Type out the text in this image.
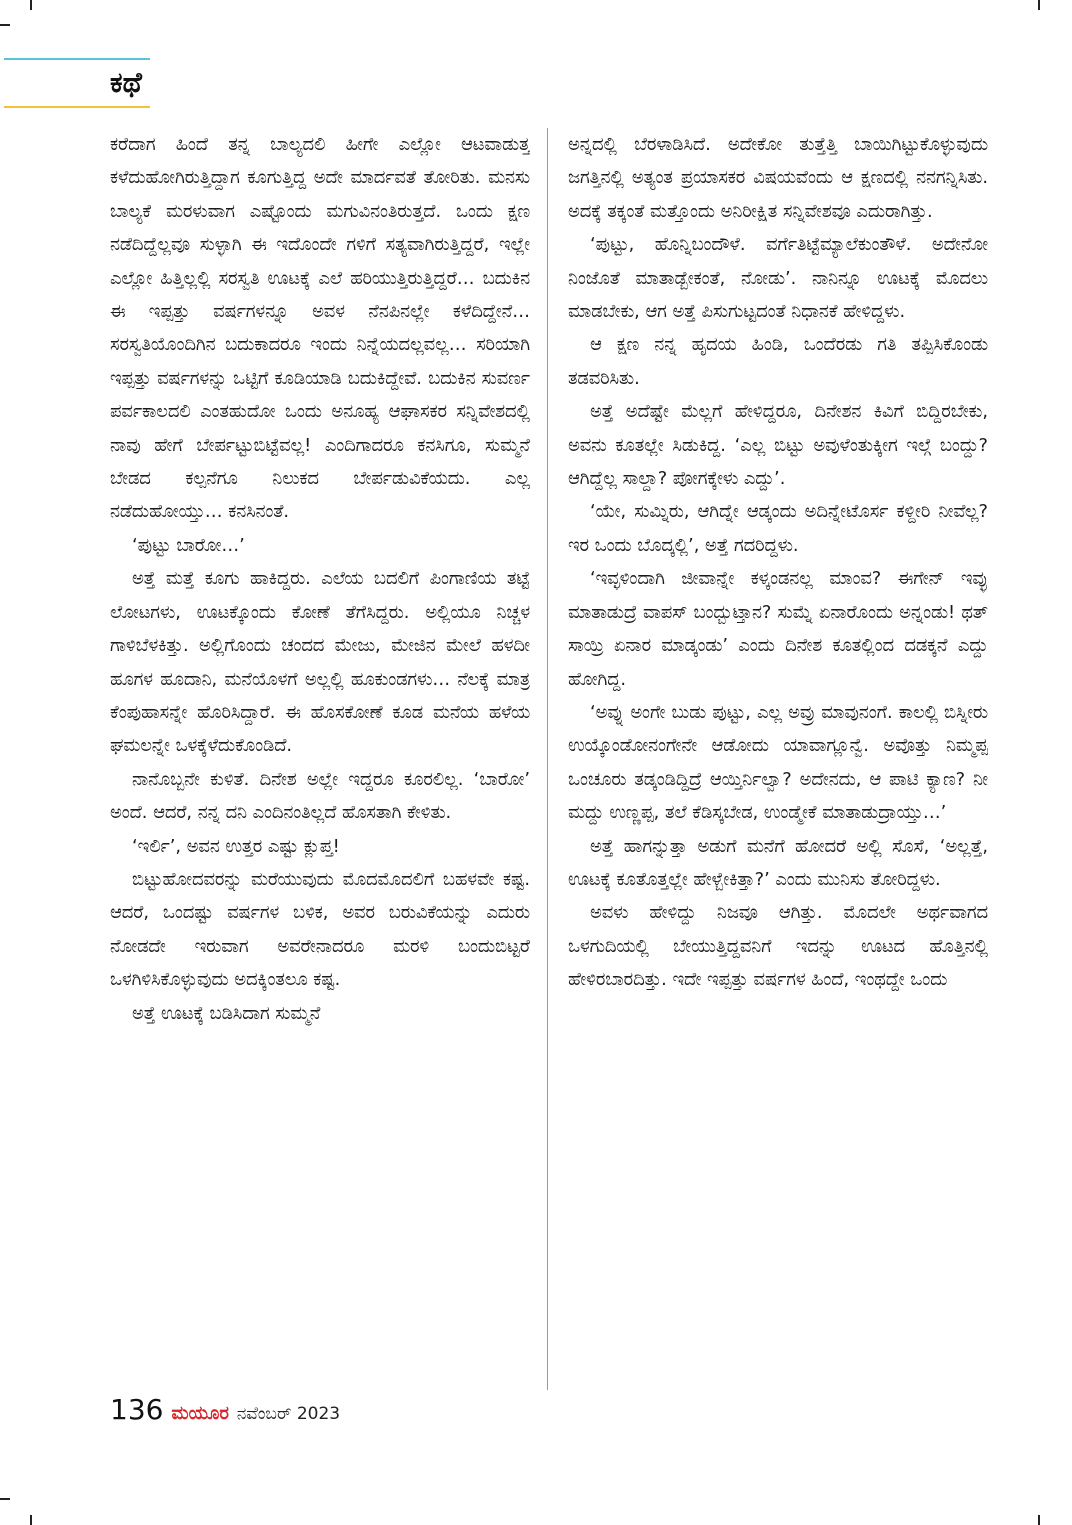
ಕಥೆ

ಕರೆದಾಗ ಹಿಂದೆ ತನ್ನ ಬಾಲ್ಯದಲಿ ಹೀಗೇ ಎಲ್ಲೋ ಆಟವಾಡುತ್ತ ಕಳೆದುಹೋಗಿರುತ್ತಿದ್ದಾಗ ಕೂಗುತ್ತಿದ್ದ ಅದೇ ಮಾರ್ದವತೆ ತೋರಿತು. ಮನಸು ಬಾಲ್ಯಕೆ ಮರಳುವಾಗ ಎಷ್ಟೊಂದು ಮಗುವಿನಂತಿರುತ್ತದೆ. ಒಂದು ಕ್ಷಣ ನಡೆದಿದ್ದೆಲ್ಲವೂ ಸುಳ್ಳಾಗಿ ಈ ಇದೊಂದೇ ಗಳಿಗೆ ಸತ್ಯವಾಗಿರುತ್ತಿದ್ದರೆ, ಇಲ್ಲೇ ಎಲ್ಲೋ ಹಿತ್ತಿಲ್ಲಲ್ಲಿ ಸರಸ್ವತಿ ಊಟಕ್ಕೆ ಎಲೆ ಹರಿಯುತ್ತಿರುತ್ತಿದ್ದರೆ… ಬದುಕಿನ ಈ ಇಪ್ಪತ್ತು ವರ್ಷಗಳನ್ನೂ ಅವಳ ನೆನಪಿನಲ್ಲೇ ಕಳೆದಿದ್ದೇನೆ… ಸರಸ್ವತಿಯೊಂದಿಗಿನ ಬದುಕಾದರೂ ಇಂದು ನಿನ್ನೆಯದಲ್ಲವಲ್ಲ… ಸರಿಯಾಗಿ ಇಪ್ಪತ್ತು ವರ್ಷಗಳನ್ನು ಒಟ್ಟಿಗೆ ಕೂಡಿಯಾಡಿ ಬದುಕಿದ್ದೇವೆ. ಬದುಕಿನ ಸುವರ್ಣ ಪರ್ವಕಾಲದಲಿ ಎಂತಹುದೋ ಒಂದು ಅನೂಹ್ಯ ಆಘಾಸಕರ ಸನ್ನಿವೇಶದಲ್ಲಿ ನಾವು ಹೇಗೆ ಬೇರ್ಪಟ್ಟುಬಿಟ್ಟೆವಲ್ಲ! ಎಂದಿಗಾದರೂ ಕನಸಿಗೂ, ಸುಮ್ಮನೆ ಬೇಡದ ಕಲ್ಪನೆಗೂ ನಿಲುಕದ ಬೇರ್ಪಡುವಿಕೆಯದು. ಎಲ್ಲ ನಡೆದುಹೋಯ್ತು… ಕನಸಿನಂತೆ.

‘ಪುಟ್ಟು ಬಾರೋ…’

ಅತ್ತೆ ಮತ್ತೆ ಕೂಗು ಹಾಕಿದ್ದರು. ಎಲೆಯ ಬದಲಿಗೆ ಪಿಂಗಾಣಿಯ ತಟ್ಟೆ ಲೋಟಗಳು, ಊಟಕ್ಕೊಂದು ಕೋಣೆ ತೆಗೆಸಿದ್ದರು. ಅಲ್ಲಿಯೂ ನಿಚ್ಚಳ ಗಾಳಿಬೆಳಕಿತ್ತು. ಅಲ್ಲಿಗೊಂದು ಚಂದದ ಮೇಜು, ಮೇಜಿನ ಮೇಲೆ ಹಳದೀ ಹೂಗಳ ಹೂದಾನಿ, ಮನೆಯೊಳಗೆ ಅಲ್ಲಲ್ಲಿ ಹೂಕುಂಡಗಳು… ನೆಲಕ್ಕೆ ಮಾತ್ರ ಕೆಂಪುಹಾಸನ್ನೇ ಹೊರಿಸಿದ್ದಾರೆ. ಈ ಹೊಸಕೋಣೆ ಕೂಡ ಮನೆಯ ಹಳೆಯ ಘಮಲನ್ನೇ ಒಳಕ್ಕೆಳೆದುಕೊಂಡಿದೆ.

ನಾನೊಬ್ಬನೇ ಕುಳಿತೆ. ದಿನೇಶ ಅಲ್ಲೇ ಇದ್ದರೂ ಕೂರಲಿಲ್ಲ. ‘ಬಾರೋ’ ಅಂದೆ. ಆದರೆ, ನನ್ನ ದನಿ ಎಂದಿನಂತಿಲ್ಲದೆ ಹೊಸತಾಗಿ ಕೇಳಿತು.

‘ಇರ್ಲಿ’, ಅವನ ಉತ್ತರ ಎಷ್ಟು ಕ್ಲುಪ್ತ!

ಬಿಟ್ಟುಹೋದವರನ್ನು ಮರೆಯುವುದು ಮೊದಮೊದಲಿಗೆ ಬಹಳವೇ ಕಷ್ಟ. ಆದರೆ, ಒಂದಷ್ಟು ವರ್ಷಗಳ ಬಳಿಕ, ಅವರ ಬರುವಿಕೆಯನ್ನು ಎದುರು ನೋಡದೇ ಇರುವಾಗ ಅವರೇನಾದರೂ ಮರಳಿ ಬಂದುಬಿಟ್ಟರೆ ಒಳಗಿಳಿಸಿಕೊಳ್ಳುವುದು ಅದಕ್ಕಿಂತಲೂ ಕಷ್ಟ.

ಅತ್ತೆ ಊಟಕ್ಕೆ ಬಡಿಸಿದಾಗ ಸುಮ್ಮನೆ

ಅನ್ನದಲ್ಲಿ ಬೆರಳಾಡಿಸಿದೆ. ಅದೇಕೋ ತುತ್ತೆತ್ತಿ ಬಾಯಿಗಿಟ್ಟುಕೊಳ್ಳುವುದು ಜಗತ್ತಿನಲ್ಲಿ ಅತ್ಯಂತ ಪ್ರಯಾಸಕರ ವಿಷಯವೆಂದು ಆ ಕ್ಷಣದಲ್ಲಿ ನನಗನ್ನಿಸಿತು. ಅದಕ್ಕೆ ತಕ್ಕಂತೆ ಮತ್ತೊಂದು ಅನಿರೀಕ್ಷಿತ ಸನ್ನಿವೇಶವೂ ಎದುರಾಗಿತ್ತು.

‘ಪುಟ್ಟು, ಹೊನ್ನಿಬಂದೌಳೆ. ವರ್ಗೆತಿಟ್ಟೆಮ್ಯಾಲೆಕುಂತೌಳೆ. ಅದೇನೋ ನಿಂಜೊತೆ ಮಾತಾಡ್ಬೇಕಂತೆ, ನೋಡು’. ನಾನಿನ್ನೂ ಊಟಕ್ಕೆ ಮೊದಲು ಮಾಡಬೇಕು, ಆಗ ಅತ್ತೆ ಪಿಸುಗುಟ್ಟದಂತೆ ನಿಧಾನಕೆ ಹೇಳಿದ್ದಳು.

ಆ ಕ್ಷಣ ನನ್ನ ಹೃದಯ ಹಿಂಡಿ, ಒಂದೆರಡು ಗತಿ ತಪ್ಪಿಸಿಕೊಂಡು ತಡವರಿಸಿತು.

ಅತ್ತೆ ಅದೆಷ್ಟೇ ಮೆಲ್ಲಗೆ ಹೇಳಿದ್ದರೂ, ದಿನೇಶನ ಕಿವಿಗೆ ಬಿದ್ದಿರಬೇಕು, ಅವನು ಕೂತಲ್ಲೇ ಸಿಡುಕಿದ್ದ. ‘ಎಲ್ಲ ಬಿಟ್ಟು ಅವುಳೆಂತುಕ್ಕೀಗ ಇಲ್ಗೆ ಬಂದ್ದು? ಆಗಿದ್ದೆಲ್ಲ ಸಾಲ್ದಾ? ಪೋಗಕ್ಕೇಳು ಎದ್ದು’.

‘ಯೇ, ಸುಮ್ನಿರು, ಆಗಿದ್ನೇ ಆಡ್ಕಂದು ಅದಿನ್ನೇಟೊರ್ಸ ಕಳ್ದೀರಿ ನೀವೆಲ್ಲ? ಇರ ಒಂದು ಬೊದ್ಕಲ್ಲಿ’, ಅತ್ತೆ ಗದರಿದ್ದಳು.

‘ಇವ್ಳಳಿಂದಾಗಿ ಜೀವಾನ್ನೇ ಕಳ್ಕಂಡನಲ್ಲ ಮಾಂವ? ಈಗೇನ್ ಇವ್ಳು ಮಾತಾಡುದ್ರೆ ವಾಪಸ್ ಬಂದ್ಬುಟ್ತಾನ? ಸುಮ್ನೆ ಏನಾರೊಂದು ಅನ್ನಂಡು! ಥತ್ ಸಾಯ್ರಿ ಏನಾರ ಮಾಡ್ಕಂಡು’ ಎಂದು ದಿನೇಶ ಕೂತಲ್ಲಿಂದ ದಡಕ್ಕನೆ ಎದ್ದು ಹೋಗಿದ್ದ.

‘ಅವ್ನು ಅಂಗೇ ಬುಡು ಪುಟ್ಟು, ಎಲ್ಲ ಅವ್ರು ಮಾವುನಂಗೆ. ಕಾಲಲ್ಲಿ ಬಿಸ್ನೀರು ಉಯ್ಕೊಂಡೋನಂಗೇನೇ ಆಡೋದು ಯಾವಾಗ್ಲೂನ್ವೆ. ಅವೊತ್ತು ನಿಮ್ಮಪ್ಪ ಒಂಚೂರು ತಡ್ಕಂಡಿದ್ದಿದ್ರೆ ಆಯ್ತಿರ್ನಿಲ್ವಾ? ಅದೇನದು, ಆ ಪಾಟಿ ಕ್ಯಾಣ? ನೀ ಮದ್ದು ಉಣ್ಣಪ್ಪ, ತಲೆ ಕೆಡಿಸ್ಕಬೇಡ, ಉಂಡ್ಮೇಕೆ ಮಾತಾಡುದ್ರಾಯ್ತು…’

ಅತ್ತೆ ಹಾಗನ್ನುತ್ತಾ ಅಡುಗೆ ಮನೆಗೆ ಹೋದರೆ ಅಲ್ಲಿ ಸೊಸೆ, ‘ಅಲ್ಲತ್ತೆ, ಊಟಕ್ಕೆ ಕೂತೊತ್ತಲ್ಲೇ ಹೇಳ್ಬೇಕಿತ್ತಾ?’ ಎಂದು ಮುನಿಸು ತೋರಿದ್ದಳು.

ಅವಳು ಹೇಳಿದ್ದು ನಿಜವೂ ಆಗಿತ್ತು. ಮೊದಲೇ ಅರ್ಥವಾಗದ ಒಳಗುದಿಯಲ್ಲಿ ಬೇಯುತ್ತಿದ್ದವನಿಗೆ ಇದನ್ನು ಊಟದ ಹೊತ್ತಿನಲ್ಲಿ ಹೇಳಿರಬಾರದಿತ್ತು. ಇದೇ ಇಪ್ಪತ್ತು ವರ್ಷಗಳ ಹಿಂದೆ, ಇಂಥದ್ದೇ ಒಂದು

136 ಮಯೂರ ನವೆಂಬರ್ 2023
